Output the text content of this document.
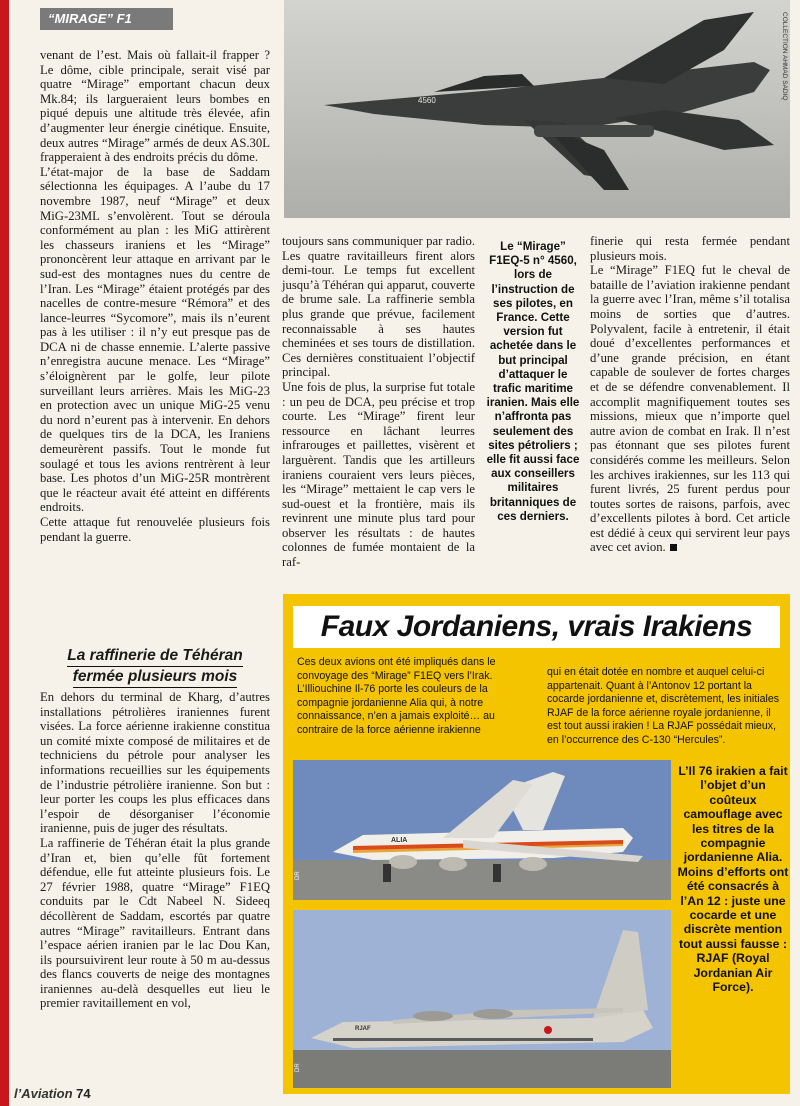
“MIRAGE” F1
4560	COLLECTION AHMAD SADIQ

venant de l’est. Mais où fallait-il frapper ? Le dôme, cible principale, serait visé par quatre “Mirage” emportant chacun deux Mk.84; ils largueraient leurs bombes en piqué depuis une altitude très élevée, afin d’augmenter leur énergie cinétique. Ensuite, deux autres “Mirage” armés de deux AS.30L frapperaient à des endroits précis du dôme.

L’état-major de la base de Saddam sélectionna les équipages. A l’aube du 17 novembre 1987, neuf “Mirage” et deux MiG-23ML s’envolèrent. Tout se déroula conformément au plan : les MiG attirèrent les chasseurs iraniens et les “Mirage” prononcèrent leur attaque en arrivant par le sud-est des montagnes nues du centre de l’Iran. Les “Mirage” étaient protégés par des nacelles de contre-mesure “Rémora” et des lance-leurres “Sycomore”, mais ils n’eurent pas à les utiliser : il n’y eut presque pas de DCA ni de chasse ennemie. L’alerte passive n’enregistra aucune menace. Les “Mirage” s’éloignèrent par le golfe, leur pilote surveillant leurs arrières. Mais les MiG-23 en protection avec un unique MiG-25 venu du nord n’eurent pas à intervenir. En dehors de quelques tirs de la DCA, les Iraniens demeurèrent passifs. Tout le monde fut soulagé et tous les avions rentrèrent à leur base. Les photos d’un MiG-25R montrèrent que le réacteur avait été atteint en différents endroits.

Cette attaque fut renouvelée plusieurs fois pendant la guerre.

La raffinerie de Téhéran
fermée plusieurs mois

En dehors du terminal de Kharg, d’autres installations pétrolières iraniennes furent visées. La force aérienne irakienne constitua un comité mixte composé de militaires et de techniciens du pétrole pour analyser les informations recueillies sur les équipements de l’industrie pétrolière iranienne. Son but : leur porter les coups les plus efficaces dans l’espoir de désorganiser l’économie iranienne, puis de juger des résultats.

La raffinerie de Téhéran était la plus grande d’Iran et, bien qu’elle fût fortement défendue, elle fut atteinte plusieurs fois. Le 27 février 1988, quatre “Mirage” F1EQ conduits par le Cdt Nabeel N. Sideeq décollèrent de Saddam, escortés par quatre autres “Mirage” ravitailleurs. Entrant dans l’espace aérien iranien par le lac Dou Kan, ils poursuivirent leur route à 50 m au-dessus des flancs couverts de neige des montagnes iraniennes au-delà desquelles eut lieu le premier ravitaillement en vol,

toujours sans communiquer par radio. Les quatre ravitailleurs firent alors demi-tour. Le temps fut excellent jusqu’à Téhéran qui apparut, couverte de brume sale. La raffinerie sembla plus grande que prévue, facilement reconnaissable à ses hautes cheminées et ses tours de distillation. Ces dernières constituaient l’objectif principal.

Une fois de plus, la surprise fut totale : un peu de DCA, peu précise et trop courte. Les “Mirage” firent leur ressource en lâchant leurres infrarouges et paillettes, visèrent et larguèrent. Tandis que les artilleurs iraniens couraient vers leurs pièces, les “Mirage” mettaient le cap vers le sud-ouest et la frontière, mais ils revinrent une minute plus tard pour observer les résultats : de hautes colonnes de fumée montaient de la raf-

Le “Mirage” F1EQ-5 n° 4560, lors de l’instruction de ses pilotes, en France. Cette version fut achetée dans le but principal d’attaquer le trafic maritime iranien. Mais elle n’affronta pas seulement des sites pétroliers ; elle fit aussi face aux conseillers militaires britanniques de ces derniers.

finerie qui resta fermée pendant plusieurs mois.

Le “Mirage” F1EQ fut le cheval de bataille de l’aviation irakienne pendant la guerre avec l’Iran, même s’il totalisa moins de sorties que d’autres. Polyvalent, facile à entretenir, il était doué d’excellentes performances et d’une grande précision, en étant capable de soulever de fortes charges et de se défendre convenablement. Il accomplit magnifiquement toutes ses missions, mieux que n’importe quel autre avion de combat en Irak. Il n’est pas étonnant que ses pilotes furent considérés comme les meilleurs. Selon les archives irakiennes, sur les 113 qui furent livrés, 25 furent perdus pour toutes sortes de raisons, parfois, avec d’excellents pilotes à bord. Cet article est dédié à ceux qui servirent leur pays avec cet avion.

Faux Jordaniens, vrais Irakiens
Ces deux avions ont été impliqués dans le convoyage des “Mirage” F1EQ vers l’Irak. L’Illiouchine Il-76 porte les couleurs de la compagnie jordanienne Alia qui, à notre connaissance, n’en a jamais exploité… au contraire de la force aérienne irakienne
qui en était dotée en nombre et auquel celui-ci appartenait. Quant à l’Antonov 12 portant la cocarde jordanienne et, discrètement, les initiales RJAF de la force aérienne royale jordanienne, il est tout aussi irakien ! La RJAF possédait mieux, en l’occurrence des C-130 “Hercules”.
ALIA
DR
RJAF
DR
L’Il 76 irakien a fait l’objet d’un coûteux camouflage avec les titres de la compagnie jordanienne Alia. Moins d’efforts ont été consacrés à l’An 12 : juste une cocarde et une discrète mention tout aussi fausse : RJAF (Royal Jordanian Air Force).
l’Aviation 74
